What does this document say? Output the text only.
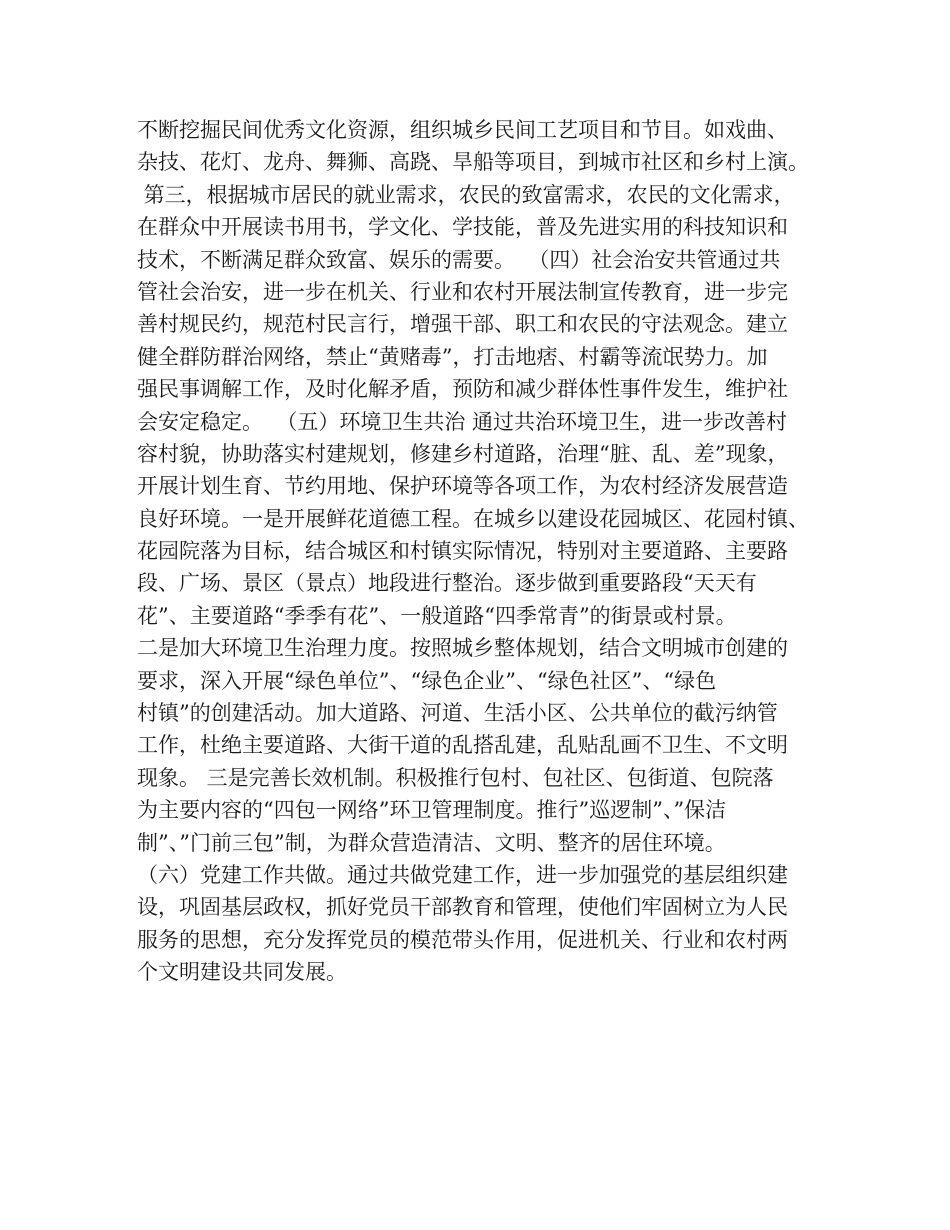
不断挖掘民间优秀文化资源，组织城乡民间工艺项目和节目。如戏曲、
杂技、花灯、龙舟、舞狮、高跷、旱船等项目，到城市社区和乡村上演。
第三，根据城市居民的就业需求，农民的致富需求，农民的文化需求，
在群众中开展读书用书，学文化、学技能，普及先进实用的科技知识和
技术，不断满足群众致富、娱乐的需要。  （四）社会治安共管通过共
管社会治安，进一步在机关、行业和农村开展法制宣传教育，进一步完
善村规民约，规范村民言行，增强干部、职工和农民的守法观念。建立
健全群防群治网络，禁止“黄赌毒”，打击地痞、村霸等流氓势力。加
强民事调解工作，及时化解矛盾，预防和减少群体性事件发生，维护社
会安定稳定。  （五）环境卫生共治 通过共治环境卫生，进一步改善村
容村貌，协助落实村建规划，修建乡村道路，治理“脏、乱、差”现象，
开展计划生育、节约用地、保护环境等各项工作，为农村经济发展营造
良好环境。一是开展鲜花道德工程。在城乡以建设花园城区、花园村镇、
花园院落为目标，结合城区和村镇实际情况，特别对主要道路、主要路
段、广场、景区（景点）地段进行整治。逐步做到重要路段“天天有
花”、主要道路“季季有花”、一般道路“四季常青”的街景或村景。
二是加大环境卫生治理力度。按照城乡整体规划，结合文明城市创建的
要求，深入开展“绿色单位”、“绿色企业”、“绿色社区”、“绿色
村镇”的创建活动。加大道路、河道、生活小区、公共单位的截污纳管
工作，杜绝主要道路、大街干道的乱搭乱建，乱贴乱画不卫生、不文明
现象。 三是完善长效机制。积极推行包村、包社区、包街道、包院落
为主要内容的“四包一网络”环卫管理制度。推行”巡逻制”、”保洁
制”、”门前三包”制，为群众营造清洁、文明、整齐的居住环境。
（六）党建工作共做。通过共做党建工作，进一步加强党的基层组织建
设，巩固基层政权，抓好党员干部教育和管理，使他们牢固树立为人民
服务的思想，充分发挥党员的模范带头作用，促进机关、行业和农村两
个文明建设共同发展。
